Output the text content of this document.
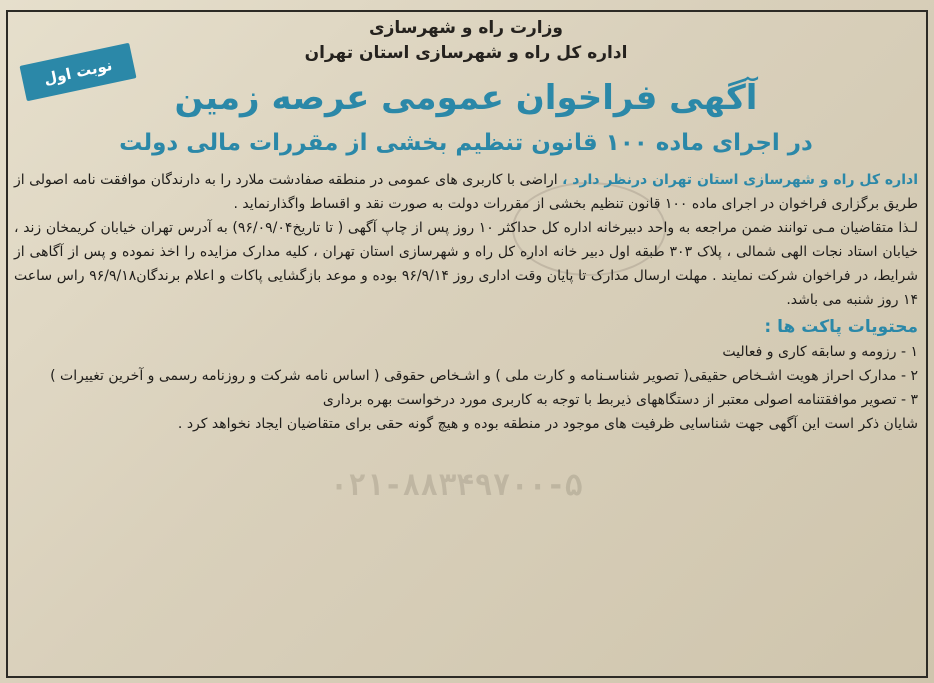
۰۲۱-۸۸۳۴۹۷۰۰-۵
نوبت اول
وزارت راه و شهرسازی
اداره کل راه و شهرسازی استان تهران
آگهی فراخوان عمومی عرصه زمین
در اجرای ماده ۱۰۰ قانون تنظیم بخشی از مقررات مالی دولت
اداره کل راه و شهرسازی استان تهران درنظر دارد ، اراضی با کاربری های عمومی در منطقه صفادشت ملارد را به دارندگان موافقت نامه اصولی از طریق برگزاری فراخوان در اجرای ماده ۱۰۰ قانون تنظیم بخشی از مقررات دولت به صورت نقد و اقساط واگذارنماید .
لـذا متقاضیان مـی توانند ضمن مراجعه به واحد دبیرخانه اداره کل حداکثر ۱۰ روز پس از چاپ آگهی ( تا تاریخ۹۶/۰۹/۰۴) به آدرس تهران خیابان کریمخان زند ، خیابان استاد نجات الهی شمالی ، پلاک ۳۰۳ طبقه اول دبیر خانه اداره کل راه و شهرسازی استان تهران ، کلیه مدارک مزایده را اخذ نموده و پس از آگاهی از شرایط، در فراخوان شرکت نمایند . مهلت ارسال مدارک تا پایان وقت اداری روز ۹۶/۹/۱۴ بوده و موعد بازگشایی پاکات و اعلام برندگان۹۶/۹/۱۸ راس ساعت ۱۴ روز شنبه می باشد.
محتویات پاکت ها :
۱ - رزومه و سابقه کاری و فعالیت
۲ - مدارک احراز هویت اشـخاص حقیقی( تصویر شناسـنامه و کارت ملی ) و اشـخاص حقوقی ( اساس نامه شرکت و روزنامه رسمی و آخرین تغییرات )
۳ - تصویر موافقتنامه اصولی معتبر از دستگاههای ذیربط با توجه به کاربری مورد درخواست بهره برداری
شایان ذکر است این آگهی جهت شناسایی ظرفیت های موجود در منطقه بوده و هیچ گونه حقی برای متقاضیان ایجاد نخواهد کرد .
